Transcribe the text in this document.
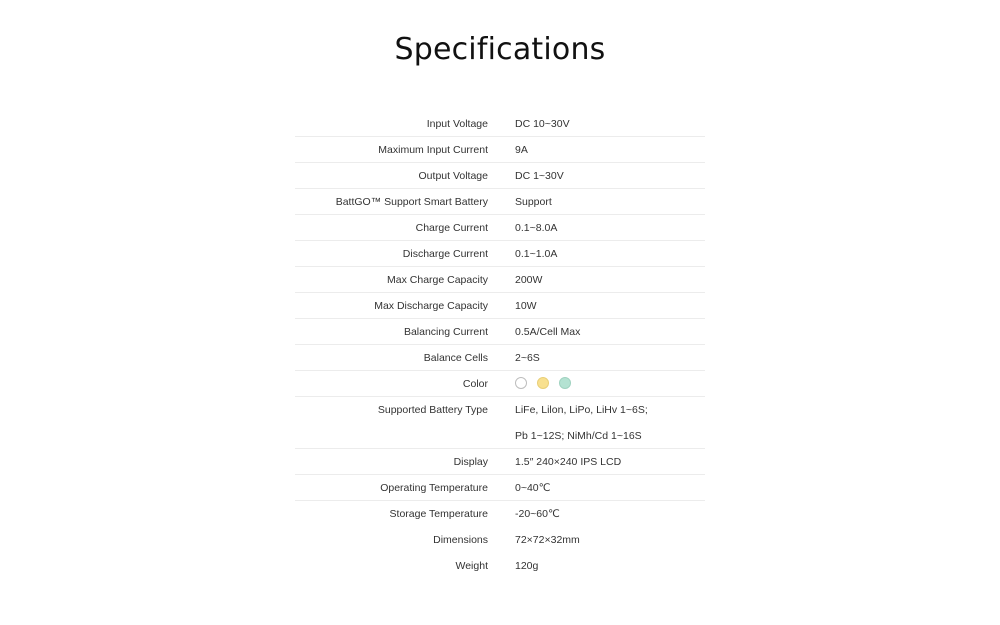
Specifications
Input Voltage	DC 10~30V
Maximum Input Current	9A
Output Voltage	DC 1~30V
BattGO™ Support Smart Battery	Support
Charge Current	0.1~8.0A
Discharge Current	0.1~1.0A
Max Charge Capacity	200W
Max Discharge Capacity	10W
Balancing Current	0.5A/Cell Max
Balance Cells	2~6S
Color
Supported Battery Type	LiFe, Lilon, LiPo, LiHv 1~6S;
Pb 1~12S; NiMh/Cd 1~16S
Display	1.5″ 240×240 IPS LCD
Operating Temperature	0~40℃
Storage Temperature	-20~60℃
Dimensions	72×72×32mm
Weight	120g
